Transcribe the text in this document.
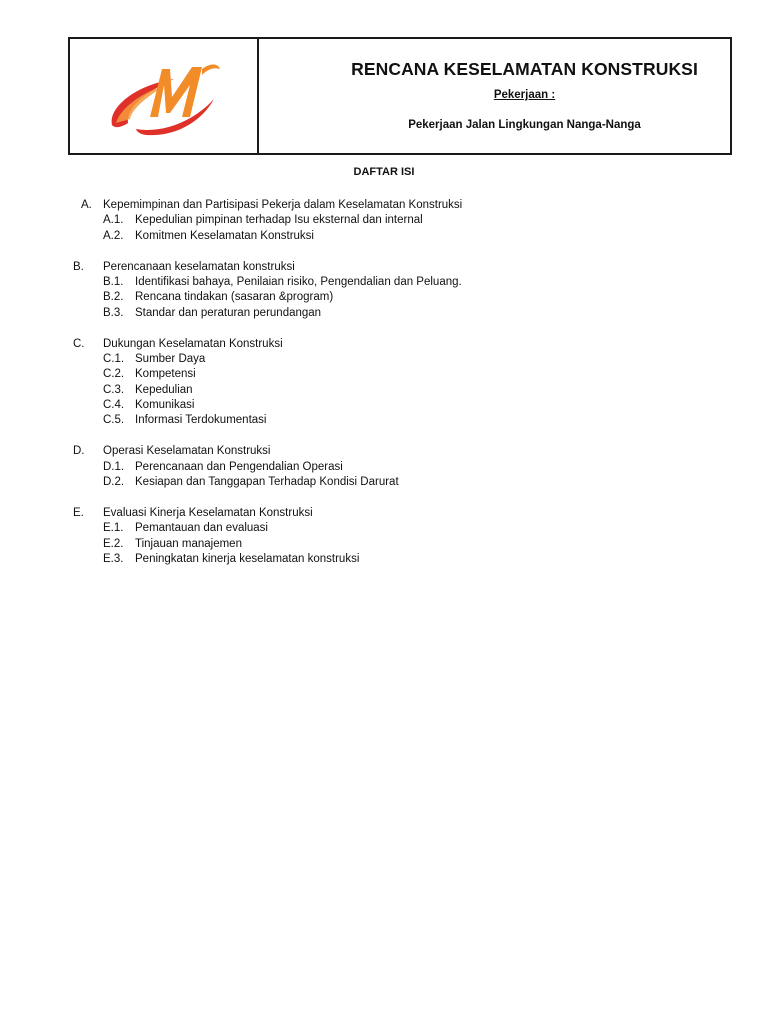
RENCANA KESELAMATAN KONSTRUKSI
Pekerjaan :
Pekerjaan Jalan Lingkungan Nanga-Nanga
DAFTAR ISI
A. Kepemimpinan dan Partisipasi Pekerja dalam Keselamatan Konstruksi
A.1. Kepedulian pimpinan terhadap Isu eksternal dan internal
A.2. Komitmen Keselamatan Konstruksi
B. Perencanaan keselamatan konstruksi
B.1. Identifikasi bahaya, Penilaian risiko, Pengendalian dan Peluang.
B.2. Rencana tindakan (sasaran &program)
B.3. Standar dan peraturan perundangan
C. Dukungan Keselamatan Konstruksi
C.1. Sumber Daya
C.2. Kompetensi
C.3. Kepedulian
C.4. Komunikasi
C.5. Informasi Terdokumentasi
D. Operasi Keselamatan Konstruksi
D.1. Perencanaan dan Pengendalian Operasi
D.2. Kesiapan dan Tanggapan Terhadap Kondisi Darurat
E. Evaluasi Kinerja Keselamatan Konstruksi
E.1. Pemantauan dan evaluasi
E.2. Tinjauan manajemen
E.3. Peningkatan kinerja keselamatan konstruksi
